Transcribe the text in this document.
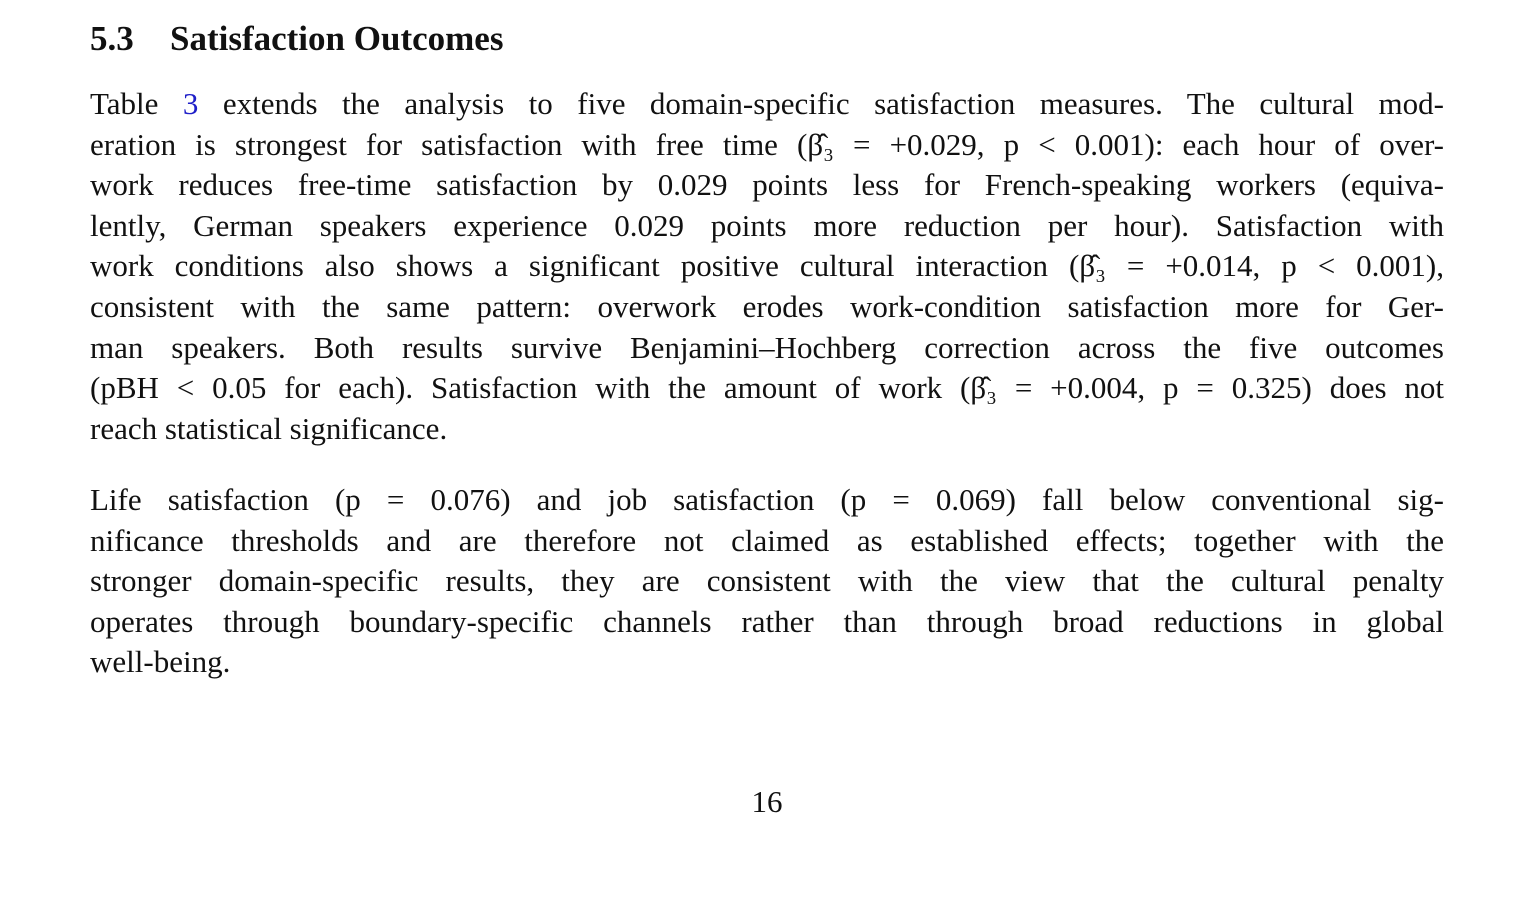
5.3 Satisfaction Outcomes

Table 3 extends the analysis to five domain-specific satisfaction measures. The cultural mod-
eration is strongest for satisfaction with free time (β̂₃ = +0.029, p < 0.001): each hour of over-
work reduces free-time satisfaction by 0.029 points less for French-speaking workers (equiva-
lently, German speakers experience 0.029 points more reduction per hour). Satisfaction with
work conditions also shows a significant positive cultural interaction (β̂₃ = +0.014, p < 0.001),
consistent with the same pattern: overwork erodes work-condition satisfaction more for Ger-
man speakers. Both results survive Benjamini–Hochberg correction across the five outcomes
(pBH < 0.05 for each). Satisfaction with the amount of work (β̂₃ = +0.004, p = 0.325) does not
reach statistical significance.

Life satisfaction (p = 0.076) and job satisfaction (p = 0.069) fall below conventional sig-
nificance thresholds and are therefore not claimed as established effects; together with the
stronger domain-specific results, they are consistent with the view that the cultural penalty
operates through boundary-specific channels rather than through broad reductions in global
well-being.

16
